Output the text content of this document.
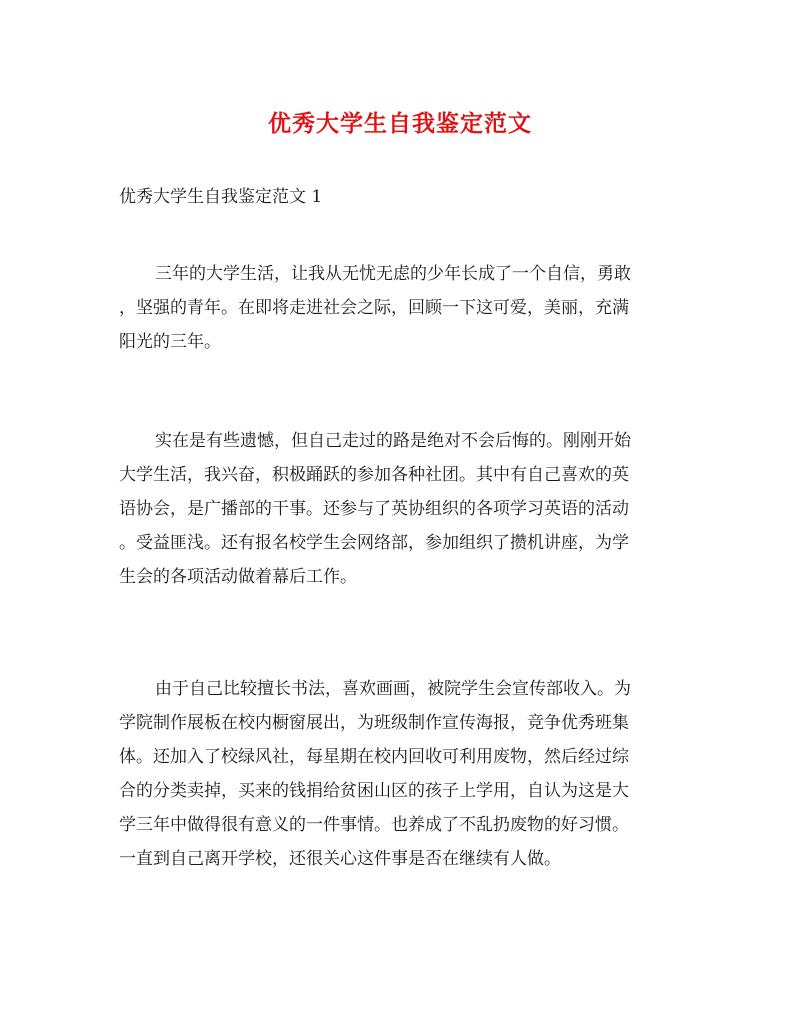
优秀大学生自我鉴定范文
优秀大学生自我鉴定范文 1
三年的大学生活，让我从无忧无虑的少年长成了一个自信，勇敢
，坚强的青年。在即将走进社会之际，回顾一下这可爱，美丽，充满
阳光的三年。
实在是有些遗憾，但自己走过的路是绝对不会后悔的。刚刚开始
大学生活，我兴奋，积极踊跃的参加各种社团。其中有自己喜欢的英
语协会，是广播部的干事。还参与了英协组织的各项学习英语的活动
。受益匪浅。还有报名校学生会网络部，参加组织了攒机讲座，为学
生会的各项活动做着幕后工作。
由于自己比较擅长书法，喜欢画画，被院学生会宣传部收入。为
学院制作展板在校内橱窗展出，为班级制作宣传海报，竞争优秀班集
体。还加入了校绿风社，每星期在校内回收可利用废物，然后经过综
合的分类卖掉，买来的钱捐给贫困山区的孩子上学用，自认为这是大
学三年中做得很有意义的一件事情。也养成了不乱扔废物的好习惯。
一直到自己离开学校，还很关心这件事是否在继续有人做。
